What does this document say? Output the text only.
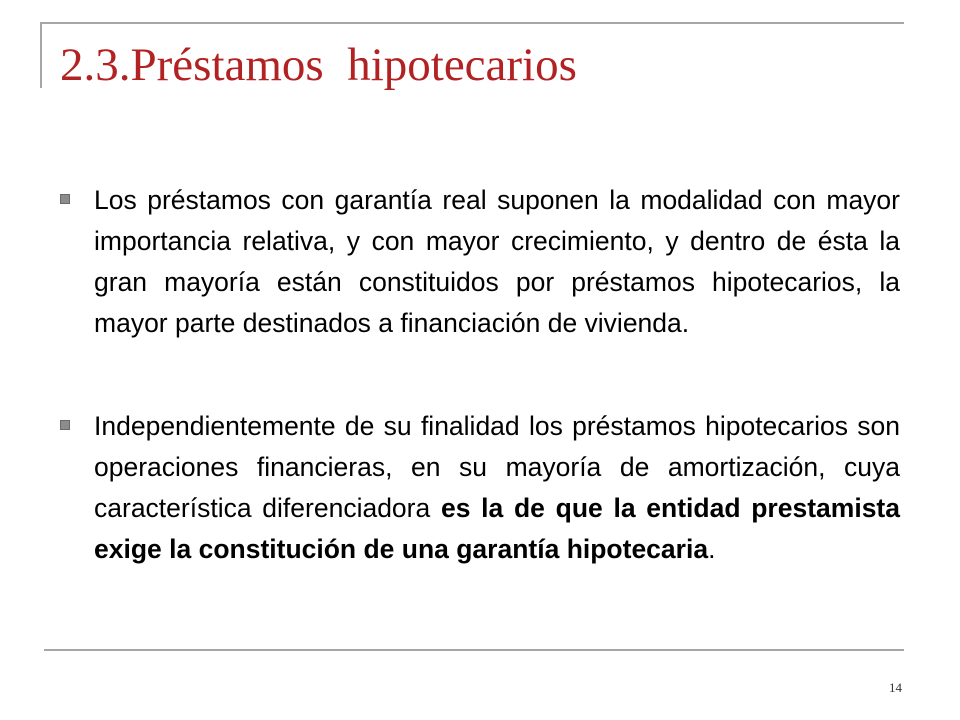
2.3.Préstamos  hipotecarios
Los préstamos con garantía real suponen la modalidad con mayor importancia relativa, y con mayor crecimiento, y dentro de ésta la gran mayoría están constituidos por préstamos hipotecarios, la mayor parte destinados a financiación de vivienda.
Independientemente de su finalidad los préstamos hipotecarios son operaciones financieras, en su mayoría de amortización, cuya característica diferenciadora es la de que la entidad prestamista exige la constitución de una garantía hipotecaria.
14
